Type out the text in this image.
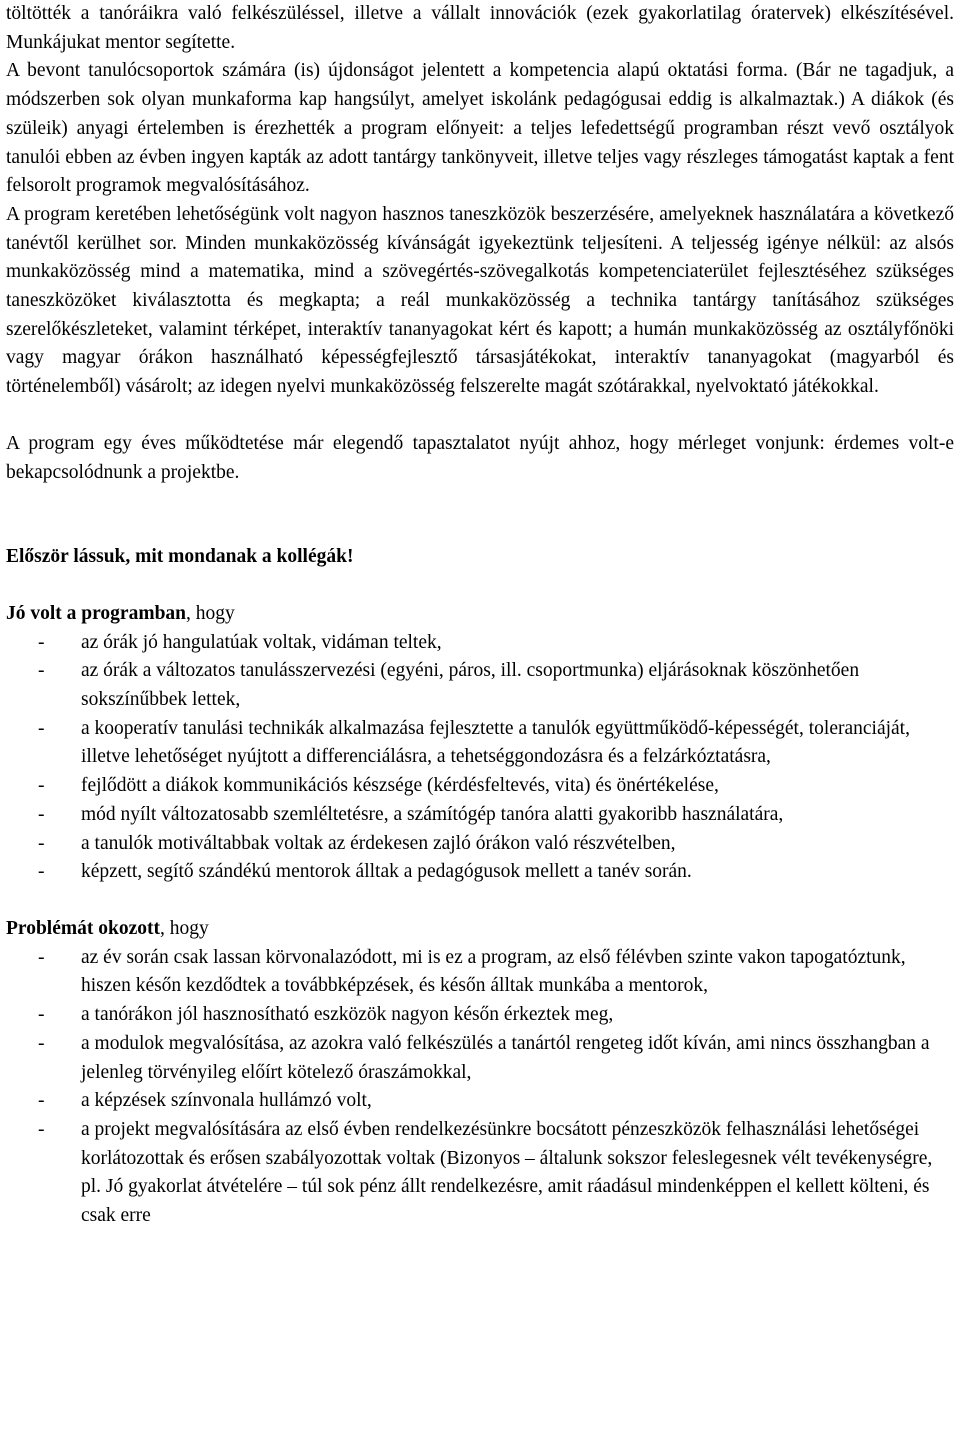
töltötték a tanóráikra való felkészüléssel, illetve a vállalt innovációk (ezek gyakorlatilag óratervek) elkészítésével. Munkájukat mentor segítette.

A bevont tanulócsoportok számára (is) újdonságot jelentett a kompetencia alapú oktatási forma. (Bár ne tagadjuk, a módszerben sok olyan munkaforma kap hangsúlyt, amelyet iskolánk pedagógusai eddig is alkalmaztak.) A diákok (és szüleik) anyagi értelemben is érezhették a program előnyeit: a teljes lefedettségű programban részt vevő osztályok tanulói ebben az évben ingyen kapták az adott tantárgy tankönyveit, illetve teljes vagy részleges támogatást kaptak a fent felsorolt programok megvalósításához.

A program keretében lehetőségünk volt nagyon hasznos taneszközök beszerzésére, amelyeknek használatára a következő tanévtől kerülhet sor. Minden munkaközösség kívánságát igyekeztünk teljesíteni. A teljesség igénye nélkül: az alsós munkaközösség mind a matematika, mind a szövegértés-szövegalkotás kompetenciaterület fejlesztéséhez szükséges taneszközöket kiválasztotta és megkapta; a reál munkaközösség a technika tantárgy tanításához szükséges szerelőkészleteket, valamint térképet, interaktív tananyagokat kért és kapott; a humán munkaközösség az osztályfőnöki vagy magyar órákon használható képességfejlesztő társasjátékokat, interaktív tananyagokat (magyarból és történelemből) vásárolt; az idegen nyelvi munkaközösség felszerelte magát szótárakkal, nyelvoktató játékokkal.

A program egy éves működtetése már elegendő tapasztalatot nyújt ahhoz, hogy mérleget vonjunk: érdemes volt-e bekapcsolódnunk a projektbe.

Először lássuk, mit mondanak a kollégák!

Jó volt a programban, hogy

- az órák jó hangulatúak voltak, vidáman teltek,
- az órák a változatos tanulásszervezési (egyéni, páros, ill. csoportmunka) eljárásoknak köszönhetően sokszínűbbek lettek,
- a kooperatív tanulási technikák alkalmazása fejlesztette a tanulók együttműködő-képességét, toleranciáját, illetve lehetőséget nyújtott a differenciálásra, a tehetséggondozásra és a felzárkóztatásra,
- fejlődött a diákok kommunikációs készsége (kérdésfeltevés, vita) és önértékelése,
- mód nyílt változatosabb szemléltetésre, a számítógép tanóra alatti gyakoribb használatára,
- a tanulók motiváltabbak voltak az érdekesen zajló órákon való részvételben,
- képzett, segítő szándékú mentorok álltak a pedagógusok mellett a tanév során.

Problémát okozott, hogy

- az év során csak lassan körvonalazódott, mi is ez a program, az első félévben szinte vakon tapogatóztunk, hiszen későn kezdődtek a továbbképzések, és későn álltak munkába a mentorok,
- a tanórákon jól hasznosítható eszközök nagyon későn érkeztek meg,
- a modulok megvalósítása, az azokra való felkészülés a tanártól rengeteg időt kíván, ami nincs összhangban a jelenleg törvényileg előírt kötelező óraszámokkal,
- a képzések színvonala hullámzó volt,
- a projekt megvalósítására az első évben rendelkezésünkre bocsátott pénzeszközök felhasználási lehetőségei korlátozottak és erősen szabályozottak voltak (Bizonyos – általunk sokszor feleslegesnek vélt tevékenységre, pl. Jó gyakorlat átvételére – túl sok pénz állt rendelkezésre, amit ráadásul mindenképpen el kellett költeni, és csak erre
